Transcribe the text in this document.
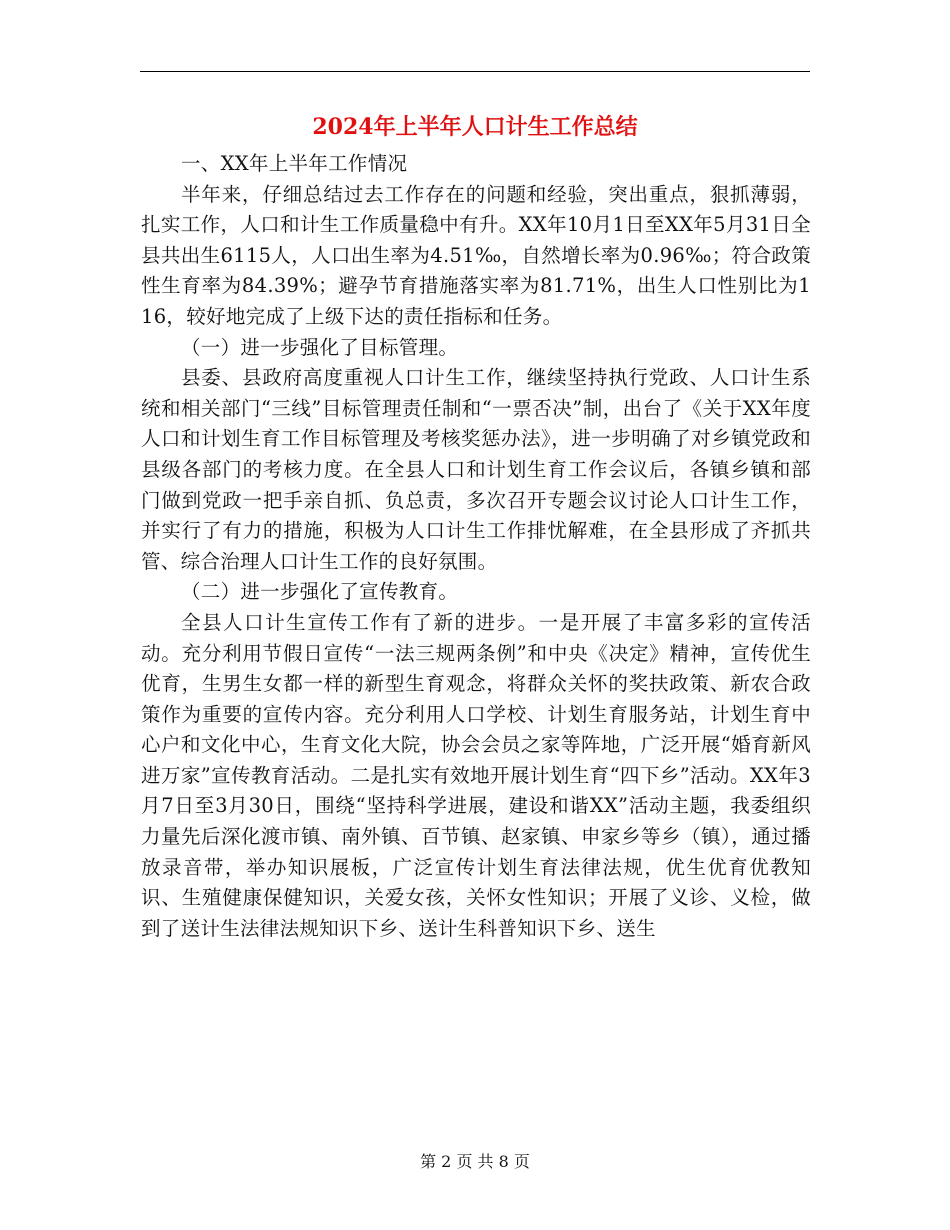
2024年上半年人口计生工作总结

一、XX年上半年工作情况

半年来，仔细总结过去工作存在的问题和经验，突出重点，狠抓薄弱，扎实工作，人口和计生工作质量稳中有升。XX年10月1日至XX年5月31日全县共出生6115人，人口出生率为4.51‰，自然增长率为0.96‰；符合政策性生育率为84.39%；避孕节育措施落实率为81.71%，出生人口性别比为116，较好地完成了上级下达的责任指标和任务。

（一）进一步强化了目标管理。

县委、县政府高度重视人口计生工作，继续坚持执行党政、人口计生系统和相关部门“三线”目标管理责任制和“一票否决”制，出台了《关于XX年度人口和计划生育工作目标管理及考核奖惩办法》，进一步明确了对乡镇党政和县级各部门的考核力度。在全县人口和计划生育工作会议后，各镇乡镇和部门做到党政一把手亲自抓、负总责，多次召开专题会议讨论人口计生工作，并实行了有力的措施，积极为人口计生工作排忧解难，在全县形成了齐抓共管、综合治理人口计生工作的良好氛围。

（二）进一步强化了宣传教育。

全县人口计生宣传工作有了新的进步。一是开展了丰富多彩的宣传活动。充分利用节假日宣传“一法三规两条例”和中央《决定》精神，宣传优生优育，生男生女都一样的新型生育观念，将群众关怀的奖扶政策、新农合政策作为重要的宣传内容。充分利用人口学校、计划生育服务站，计划生育中心户和文化中心，生育文化大院，协会会员之家等阵地，广泛开展“婚育新风进万家”宣传教育活动。二是扎实有效地开展计划生育“四下乡”活动。XX年3月7日至3月30日，围绕“坚持科学进展，建设和谐XX”活动主题，我委组织力量先后深化渡市镇、南外镇、百节镇、赵家镇、申家乡等乡（镇），通过播放录音带，举办知识展板，广泛宣传计划生育法律法规，优生优育优教知识、生殖健康保健知识，关爱女孩，关怀女性知识；开展了义诊、义检，做到了送计生法律法规知识下乡、送计生科普知识下乡、送生

第 2 页 共 8 页
